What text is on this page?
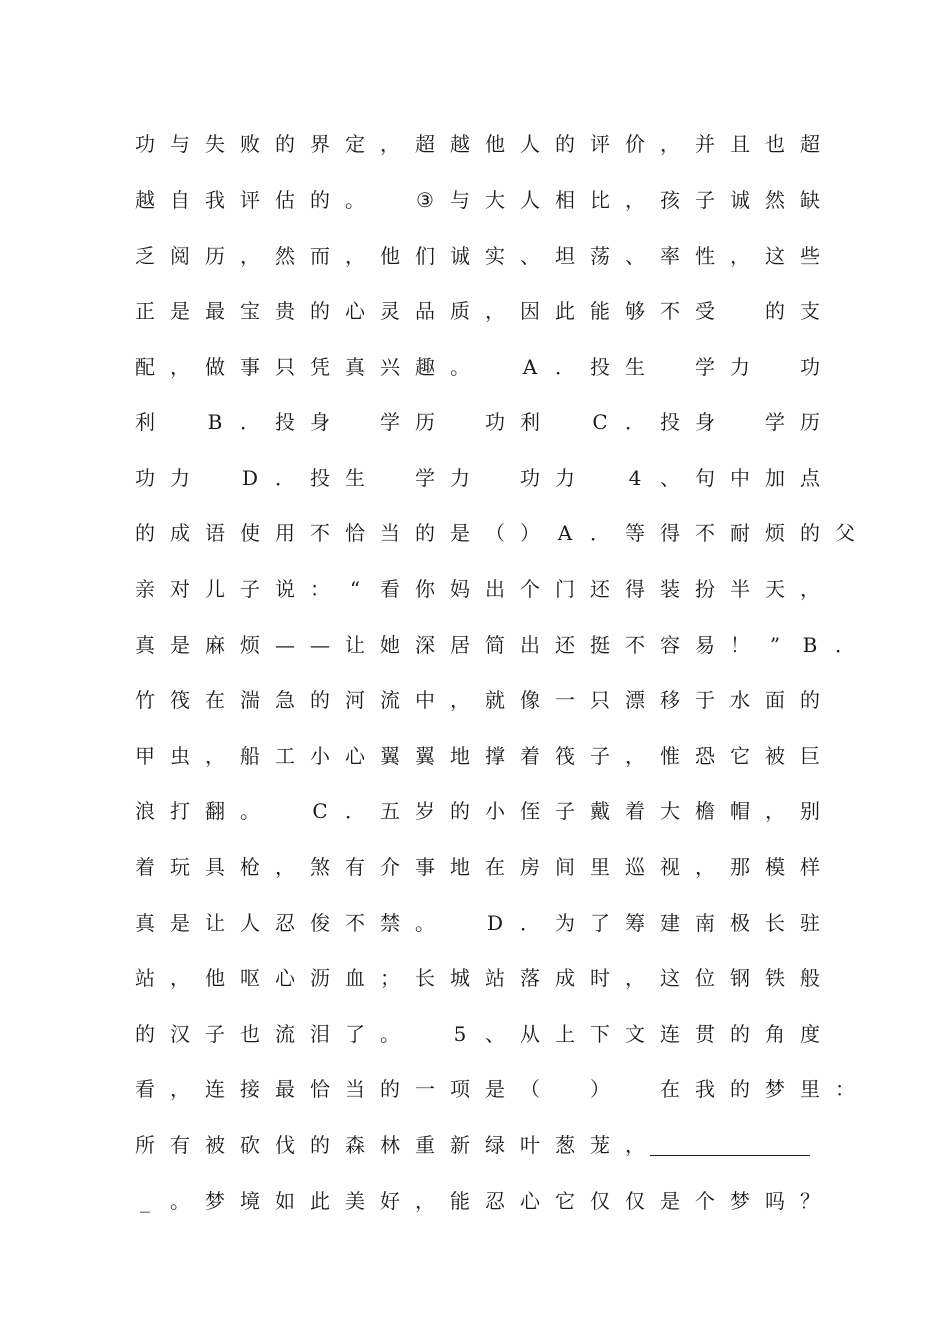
功 与 失 败 的 界 定 ， 超 越 他 人 的 评 价 ， 并 且 也 超
越 自 我 评 估 的 。	③ 与 大 人 相 比 ， 孩 子 诚 然 缺
乏 阅 历 ， 然 而 ， 他 们 诚 实 、 坦 荡 、 率 性 ， 这 些
正 是 最 宝 贵 的 心 灵 品 质 ， 因 此 能 够 不 受	的 支
配 ， 做 事 只 凭 真 兴 趣 。	A ． 投 生	学 力	功
利	B ． 投 身	学 历	功 利	C ． 投 身	学 历
功 力	D ． 投 生	学 力	功 力	4 、 句 中 加 点
的 成 语 使 用 不 恰 当 的 是 （ ） A ． 等 得 不 耐 烦 的 父
亲 对 儿 子 说 ： “ 看 你 妈 出 个 门 还 得 装 扮 半 天 ，
真 是 麻 烦 — — 让 她 深 居 简 出 还 挺 不 容 易 ！ ”	B ．
竹 筏 在 湍 急 的 河 流 中 ， 就 像 一 只 漂 移 于 水 面 的
甲 虫 ， 船 工 小 心 翼 翼 地 撑 着 筏 子 ， 惟 恐 它 被 巨
浪 打 翻 。	C ． 五 岁 的 小 侄 子 戴 着 大 檐 帽 ， 别
着 玩 具 枪 ， 煞 有 介 事 地 在 房 间 里 巡 视 ， 那 模 样
真 是 让 人 忍 俊 不 禁 。	D ． 为 了 筹 建 南 极 长 驻
站 ， 他 呕 心 沥 血 ； 长 城 站 落 成 时 ， 这 位 钢 铁 般
的 汉 子 也 流 泪 了 。	5 、 从 上 下 文 连 贯 的 角 度
看 ， 连 接 最 恰 当 的 一 项 是 （	）	在 我 的 梦 里 ：
所 有 被 砍 伐 的 森 林 重 新 绿 叶 葱 茏 ，
_	。 梦 境 如 此 美 好 ， 能 忍 心 它 仅 仅 是 个 梦 吗 ？
